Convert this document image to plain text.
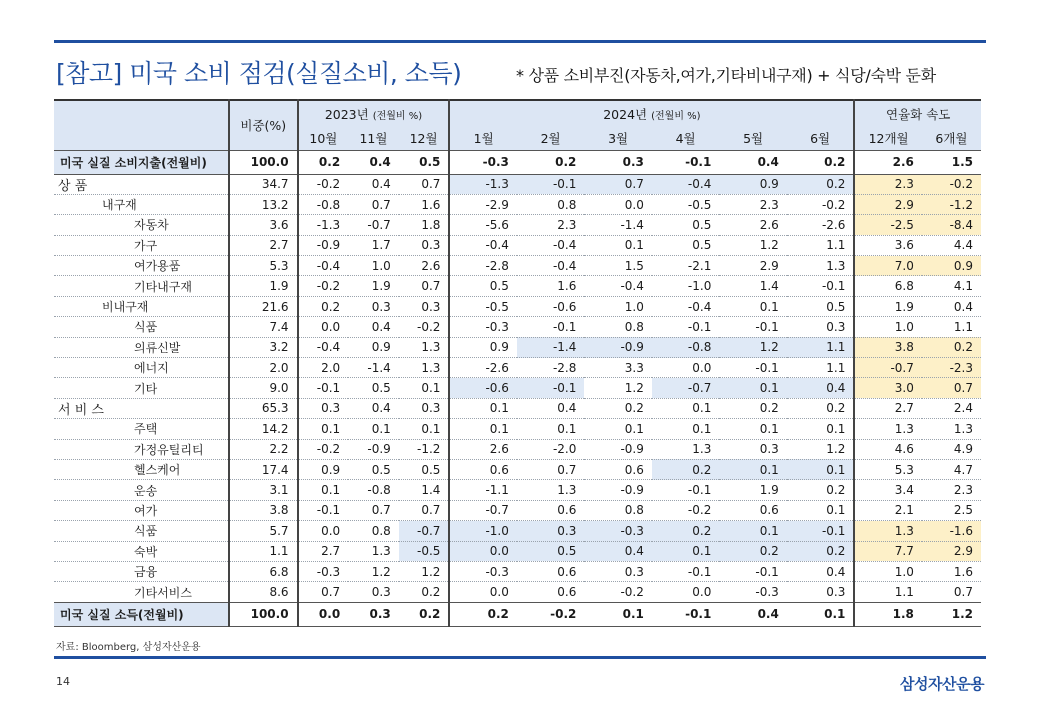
[참고] 미국 소비 점검(실질소비, 소득)	* 상품 소비부진(자동차,여가,기타비내구재) + 식당/숙박 둔화
	비중(%)	2023년 (전월비 %)			2024년 (전월비 %)						연율화 속도	
		10월	11월	12월	1월	2월	3월	4월	5월	6월	12개월	6개월
미국 실질 소비지출(전월비)	100.0	0.2	0.4	0.5	-0.3	0.2	0.3	-0.1	0.4	0.2	2.6	1.5
상 품	34.7	-0.2	0.4	0.7	-1.3	-0.1	0.7	-0.4	0.9	0.2	2.3	-0.2
내구재	13.2	-0.8	0.7	1.6	-2.9	0.8	0.0	-0.5	2.3	-0.2	2.9	-1.2
자동차	3.6	-1.3	-0.7	1.8	-5.6	2.3	-1.4	0.5	2.6	-2.6	-2.5	-8.4
가구	2.7	-0.9	1.7	0.3	-0.4	-0.4	0.1	0.5	1.2	1.1	3.6	4.4
여가용품	5.3	-0.4	1.0	2.6	-2.8	-0.4	1.5	-2.1	2.9	1.3	7.0	0.9
기타내구재	1.9	-0.2	1.9	0.7	0.5	1.6	-0.4	-1.0	1.4	-0.1	6.8	4.1
비내구재	21.6	0.2	0.3	0.3	-0.5	-0.6	1.0	-0.4	0.1	0.5	1.9	0.4
식품	7.4	0.0	0.4	-0.2	-0.3	-0.1	0.8	-0.1	-0.1	0.3	1.0	1.1
의류신발	3.2	-0.4	0.9	1.3	0.9	-1.4	-0.9	-0.8	1.2	1.1	3.8	0.2
에너지	2.0	2.0	-1.4	1.3	-2.6	-2.8	3.3	0.0	-0.1	1.1	-0.7	-2.3
기타	9.0	-0.1	0.5	0.1	-0.6	-0.1	1.2	-0.7	0.1	0.4	3.0	0.7
서 비 스	65.3	0.3	0.4	0.3	0.1	0.4	0.2	0.1	0.2	0.2	2.7	2.4
주택	14.2	0.1	0.1	0.1	0.1	0.1	0.1	0.1	0.1	0.1	1.3	1.3
가정유틸리티	2.2	-0.2	-0.9	-1.2	2.6	-2.0	-0.9	1.3	0.3	1.2	4.6	4.9
헬스케어	17.4	0.9	0.5	0.5	0.6	0.7	0.6	0.2	0.1	0.1	5.3	4.7
운송	3.1	0.1	-0.8	1.4	-1.1	1.3	-0.9	-0.1	1.9	0.2	3.4	2.3
여가	3.8	-0.1	0.7	0.7	-0.7	0.6	0.8	-0.2	0.6	0.1	2.1	2.5
식품	5.7	0.0	0.8	-0.7	-1.0	0.3	-0.3	0.2	0.1	-0.1	1.3	-1.6
숙박	1.1	2.7	1.3	-0.5	0.0	0.5	0.4	0.1	0.2	0.2	7.7	2.9
금융	6.8	-0.3	1.2	1.2	-0.3	0.6	0.3	-0.1	-0.1	0.4	1.0	1.6
기타서비스	8.6	0.7	0.3	0.2	0.0	0.6	-0.2	0.0	-0.3	0.3	1.1	0.7
미국 실질 소득(전월비)	100.0	0.0	0.3	0.2	0.2	-0.2	0.1	-0.1	0.4	0.1	1.8	1.2
자료: Bloomberg, 삼성자산운용
14	삼성자산운용
